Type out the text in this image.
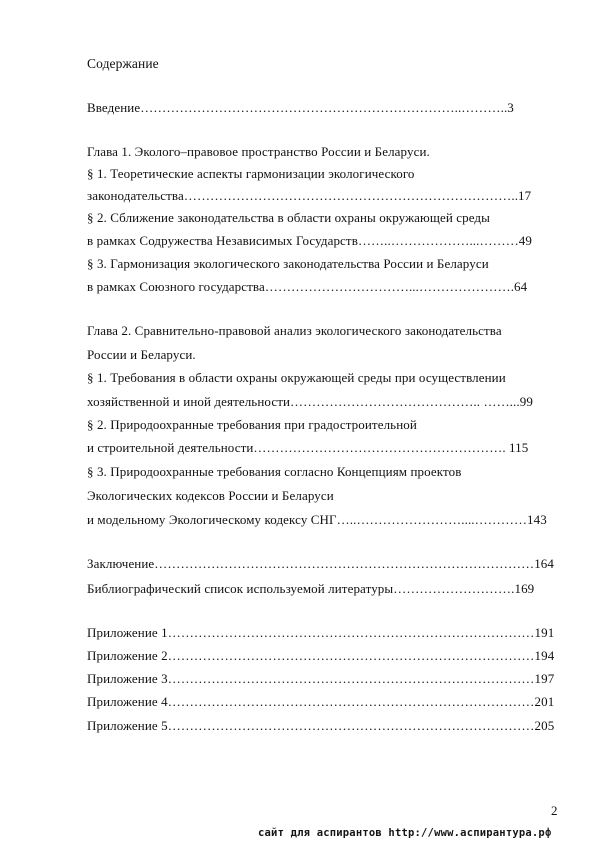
Содержание
Введение………………………………………………………………..………..3
Глава 1. Эколого–правовое пространство России и Беларуси.
§ 1. Теоретические аспекты гармонизации экологического
законодательства…………………………………………………………………..17
§ 2. Сближение законодательства в области охраны окружающей среды
в рамках Содружества Независимых Государств……..………………...………49
§ 3. Гармонизация экологического законодательства России и Беларуси
в рамках Союзного государства……………………………...………………….64
Глава 2. Сравнительно-правовой анализ экологического законодательства
России и Беларуси.
§ 1. Требования в области охраны окружающей среды при осуществлении
хозяйственной и иной деятельности…………………………………….. ……...99
§ 2. Природоохранные требования при градостроительной
и строительной деятельности…………………………………………………. 115
§ 3. Природоохранные требования согласно Концепциям проектов
Экологических кодексов России и Беларуси
и модельному Экологическому кодексу СНГ…..……………………....…………143
Заключение……………………………………………………………………………164
Библиографический список используемой литературы……………………….169
Приложение 1…………………………………………………………………………191
Приложение 2…………………………………………………………………………194
Приложение 3…………………………………………………………………………197
Приложение 4…………………………………………………………………………201
Приложение 5…………………………………………………………………………205
2
сайт для аспирантов http://www.аспирантура.рф
